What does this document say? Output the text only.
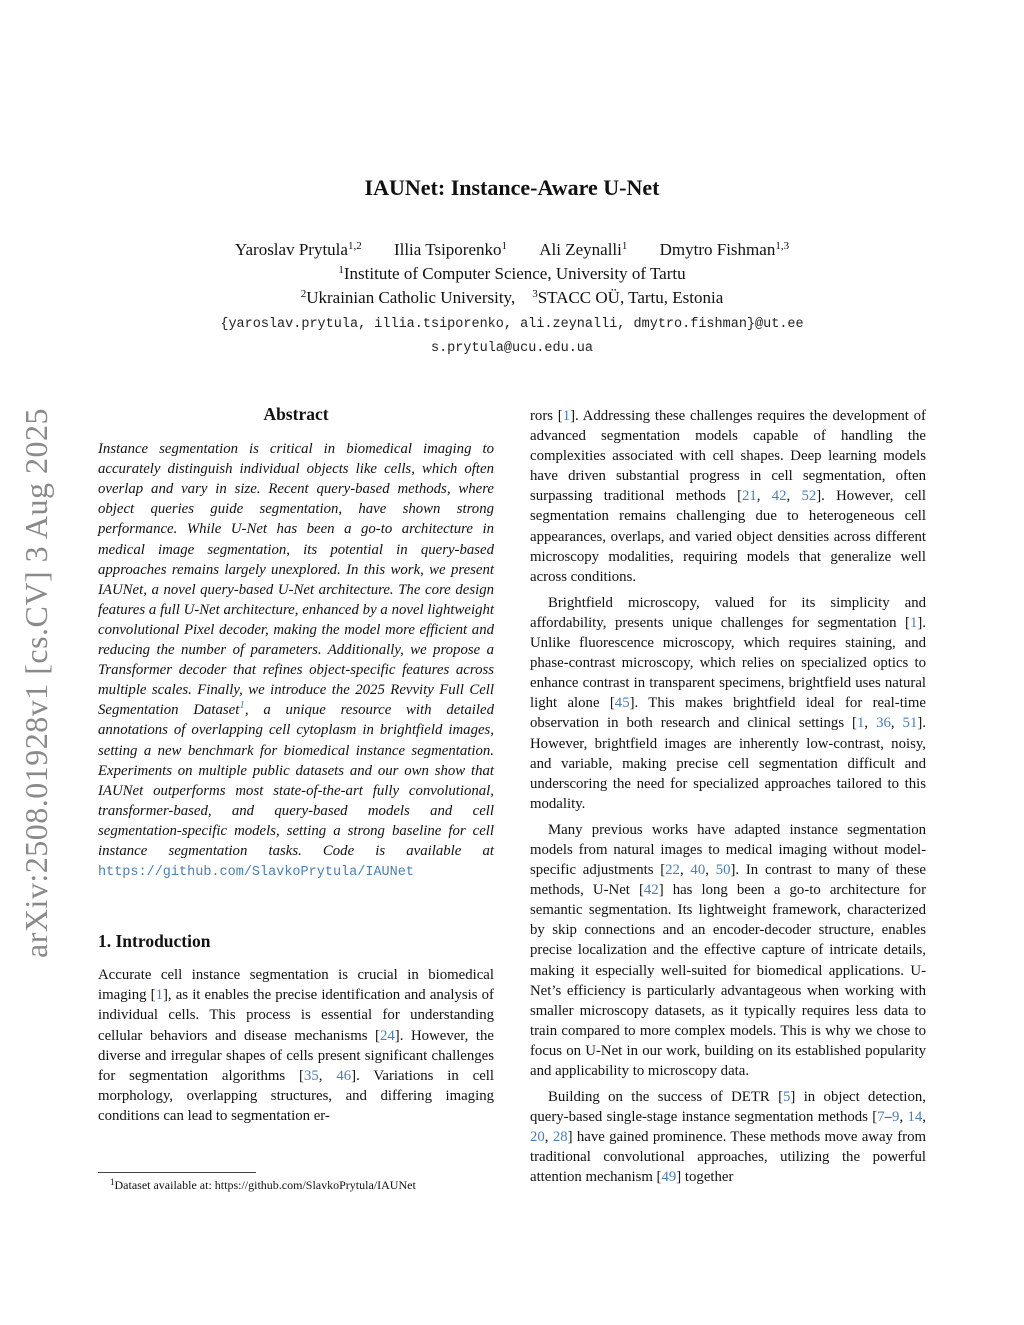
IAUNet: Instance-Aware U-Net
Yaroslav Prytula$^{1,2}$ Illia Tsiporenko$^1$ Ali Zeynalli$^1$ Dmytro Fishman$^{1,3}$
$^1$Institute of Computer Science, University of Tartu
$^2$Ukrainian Catholic University, $^3$STACC OÜ, Tartu, Estonia
{yaroslav.prytula, illia.tsiporenko, ali.zeynalli, dmytro.fishman}@ut.ee
s.prytula@ucu.edu.ua
arXiv:2508.01928v1 [cs.CV] 3 Aug 2025	Abstract

Instance segmentation is critical in biomedical imaging to accurately distinguish individual objects like cells, which often overlap and vary in size. Recent query-based methods, where object queries guide segmentation, have shown strong performance. While U-Net has been a go-to architecture in medical image segmentation, its potential in query-based approaches remains largely unexplored. In this work, we present IAUNet, a novel query-based U-Net architecture. The core design features a full U-Net architecture, enhanced by a novel lightweight convolutional Pixel decoder, making the model more efficient and reducing the number of parameters. Additionally, we propose a Transformer decoder that refines object-specific features across multiple scales. Finally, we introduce the 2025 Revvity Full Cell Segmentation Dataset$^1$, a unique resource with detailed annotations of overlapping cell cytoplasm in brightfield images, setting a new benchmark for biomedical instance segmentation. Experiments on multiple public datasets and our own show that IAUNet outperforms most state-of-the-art fully convolutional, transformer-based, and query-based models and cell segmentation-specific models, setting a strong baseline for cell instance segmentation tasks. Code is available at https://github.com/SlavkoPrytula/IAUNet

1. Introduction

Accurate cell instance segmentation is crucial in biomedical imaging [1], as it enables the precise identification and analysis of individual cells. This process is essential for understanding cellular behaviors and disease mechanisms [24]. However, the diverse and irregular shapes of cells present significant challenges for segmentation algorithms [35, 46]. Variations in cell morphology, overlapping structures, and differing imaging conditions can lead to segmentation er-

rors [1]. Addressing these challenges requires the development of advanced segmentation models capable of handling the complexities associated with cell shapes. Deep learning models have driven substantial progress in cell segmentation, often surpassing traditional methods [21, 42, 52]. However, cell segmentation remains challenging due to heterogeneous cell appearances, overlaps, and varied object densities across different microscopy modalities, requiring models that generalize well across conditions.

Brightfield microscopy, valued for its simplicity and affordability, presents unique challenges for segmentation [1]. Unlike fluorescence microscopy, which requires staining, and phase-contrast microscopy, which relies on specialized optics to enhance contrast in transparent specimens, brightfield uses natural light alone [45]. This makes brightfield ideal for real-time observation in both research and clinical settings [1, 36, 51]. However, brightfield images are inherently low-contrast, noisy, and variable, making precise cell segmentation difficult and underscoring the need for specialized approaches tailored to this modality.

Many previous works have adapted instance segmentation models from natural images to medical imaging without model-specific adjustments [22, 40, 50]. In contrast to many of these methods, U-Net [42] has long been a go-to architecture for semantic segmentation. Its lightweight framework, characterized by skip connections and an encoder-decoder structure, enables precise localization and the effective capture of intricate details, making it especially well-suited for biomedical applications. U-Net’s efficiency is particularly advantageous when working with smaller microscopy datasets, as it typically requires less data to train compared to more complex models. This is why we chose to focus on U-Net in our work, building on its established popularity and applicability to microscopy data.

Building on the success of DETR [5] in object detection, query-based single-stage instance segmentation methods [7–9, 14, 20, 28] have gained prominence. These methods move away from traditional convolutional approaches, utilizing the powerful attention mechanism [49] together

$^1$Dataset available at: https://github.com/SlavkoPrytula/IAUNet
